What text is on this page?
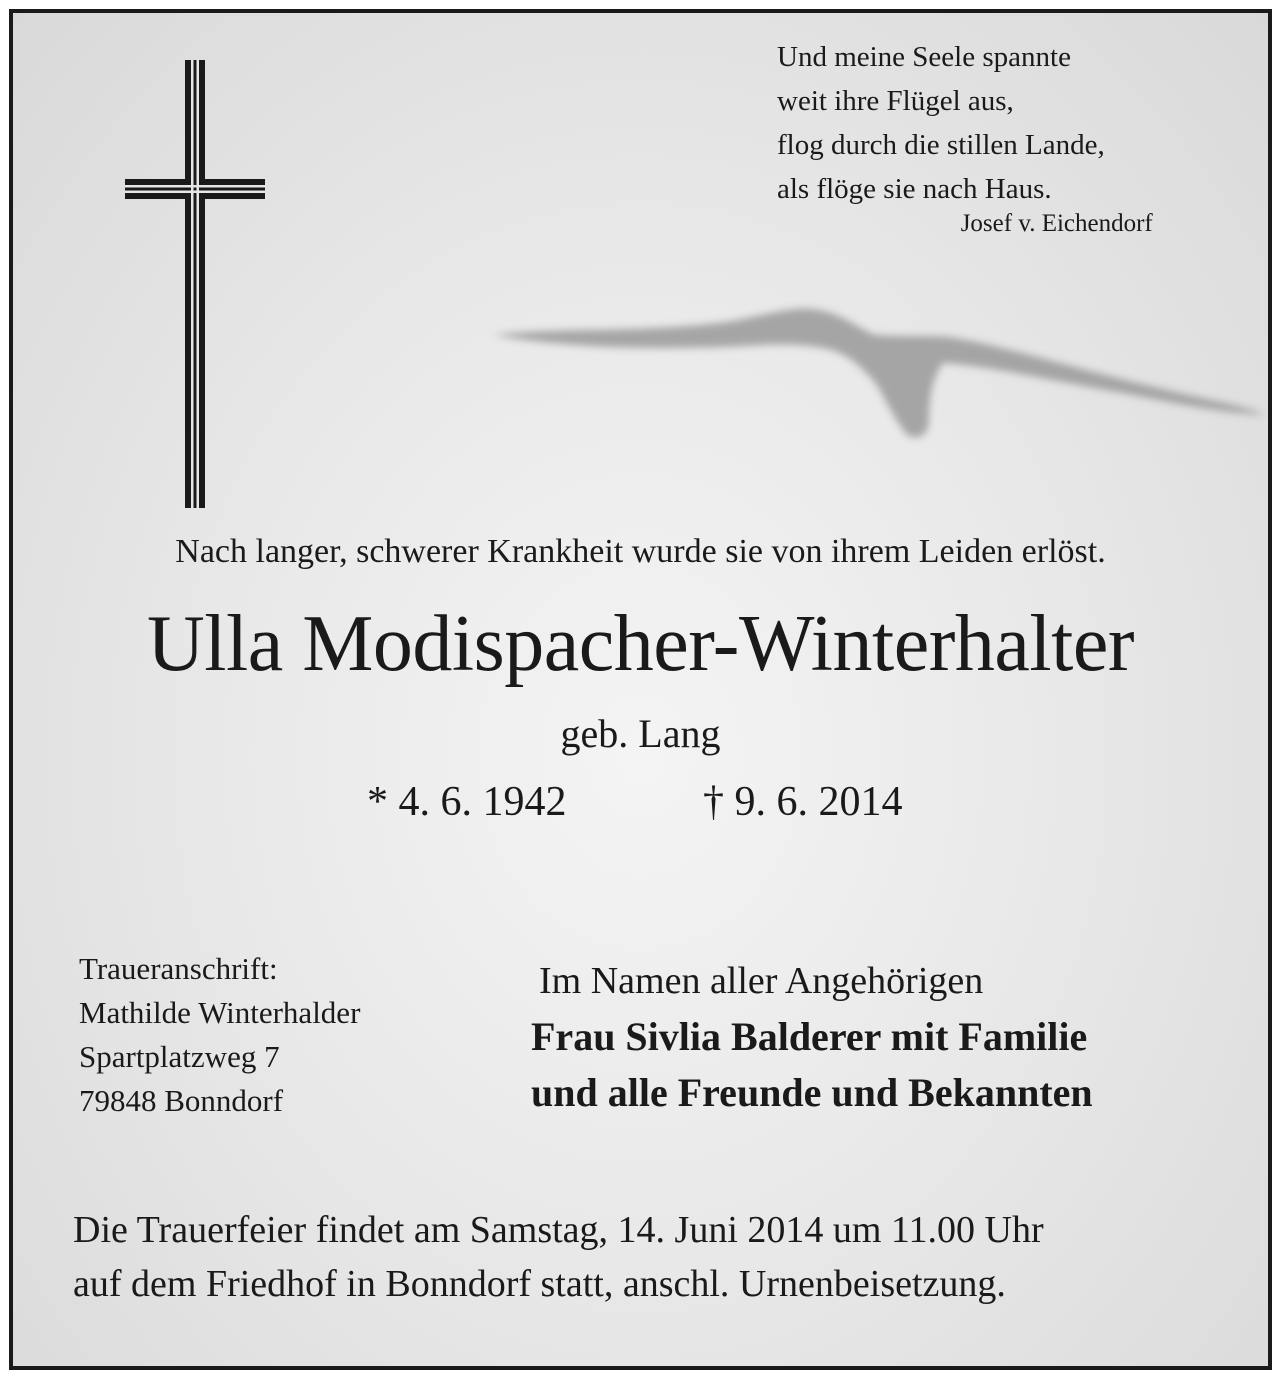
Und meine Seele spannte
weit ihre Flügel aus,
flog durch die stillen Lande,
als flöge sie nach Haus.
Josef v. Eichendorf
Nach langer, schwerer Krankheit wurde sie von ihrem Leiden erlöst.
Ulla Modispacher-Winterhalter
geb. Lang
* 4. 6. 1942	† 9. 6. 2014
Traueranschrift:
Mathilde Winterhalder
Spartplatzweg 7
79848 Bonndorf
Im Namen aller Angehörigen
Frau Sivlia Balderer mit Familie
und alle Freunde und Bekannten
Die Trauerfeier findet am Samstag, 14. Juni 2014 um 11.00 Uhr
auf dem Friedhof in Bonndorf statt, anschl. Urnenbeisetzung.
